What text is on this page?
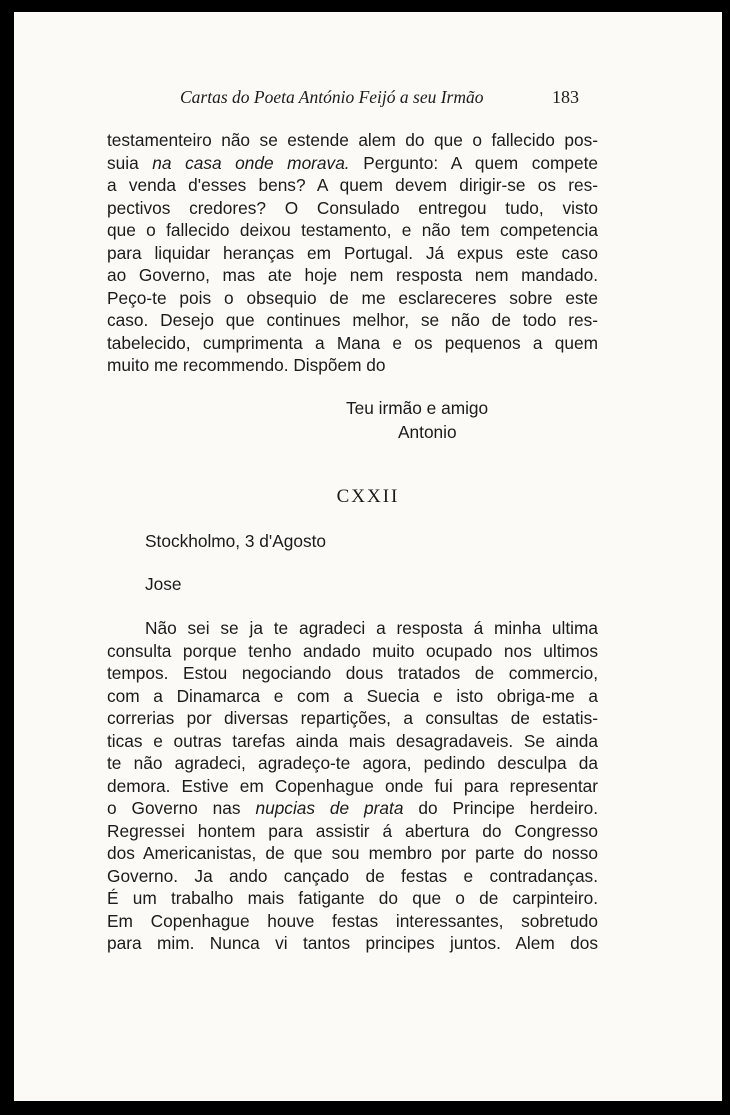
Cartas do Poeta António Feijó a seu Irmão	183
testamenteiro não se estende alem do que o fallecido pos-
suia na casa onde morava. Pergunto: A quem compete
a venda d'esses bens? A quem devem dirigir-se os res-
pectivos credores? O Consulado entregou tudo, visto
que o fallecido deixou testamento, e não tem competencia
para liquidar heranças em Portugal. Já expus este caso
ao Governo, mas ate hoje nem resposta nem mandado.
Peço-te pois o obsequio de me esclareceres sobre este
caso. Desejo que continues melhor, se não de todo res-
tabelecido, cumprimenta a Mana e os pequenos a quem
muito me recommendo. Dispõem do
Teu irmão e amigo
Antonio
CXXII
Stockholmo, 3 d'Agosto
Jose
Não sei se ja te agradeci a resposta á minha ultima
consulta porque tenho andado muito ocupado nos ultimos
tempos. Estou negociando dous tratados de commercio,
com a Dinamarca e com a Suecia e isto obriga-me a
correrias por diversas repartições, a consultas de estatis-
ticas e outras tarefas ainda mais desagradaveis. Se ainda
te não agradeci, agradeço-te agora, pedindo desculpa da
demora. Estive em Copenhague onde fui para representar
o Governo nas nupcias de prata do Principe herdeiro.
Regressei hontem para assistir á abertura do Congresso
dos Americanistas, de que sou membro por parte do nosso
Governo. Ja ando cançado de festas e contradanças.
É um trabalho mais fatigante do que o de carpinteiro.
Em Copenhague houve festas interessantes, sobretudo
para mim. Nunca vi tantos principes juntos. Alem dos
